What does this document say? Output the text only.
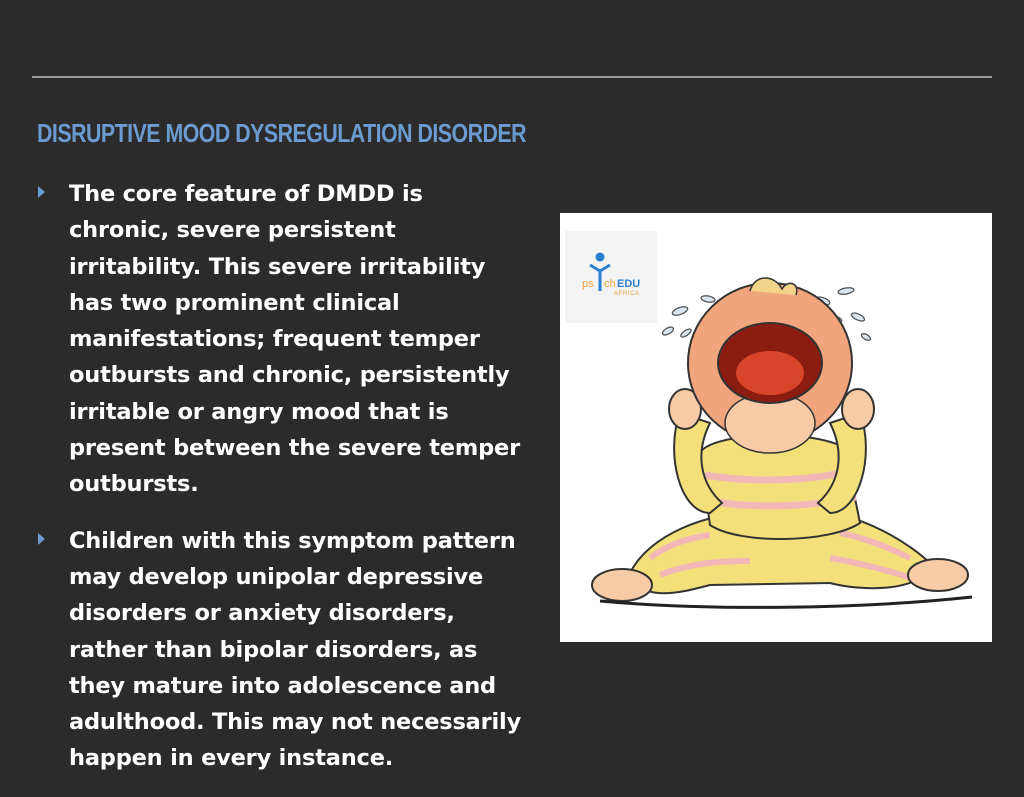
DISRUPTIVE MOOD DYSREGULATION DISORDER
The core feature of DMDD is chronic, severe persistent irritability. This severe irritability has two prominent clinical manifestations; frequent temper outbursts and chronic, persistently irritable or angry mood that is present between the severe temper outbursts.
Children with this symptom pattern may develop unipolar depressive disorders or anxiety disorders, rather than bipolar disorders, as they mature into adolescence and adulthood. This may not necessarily happen in every instance.
ps ch EDU
AFRICA
